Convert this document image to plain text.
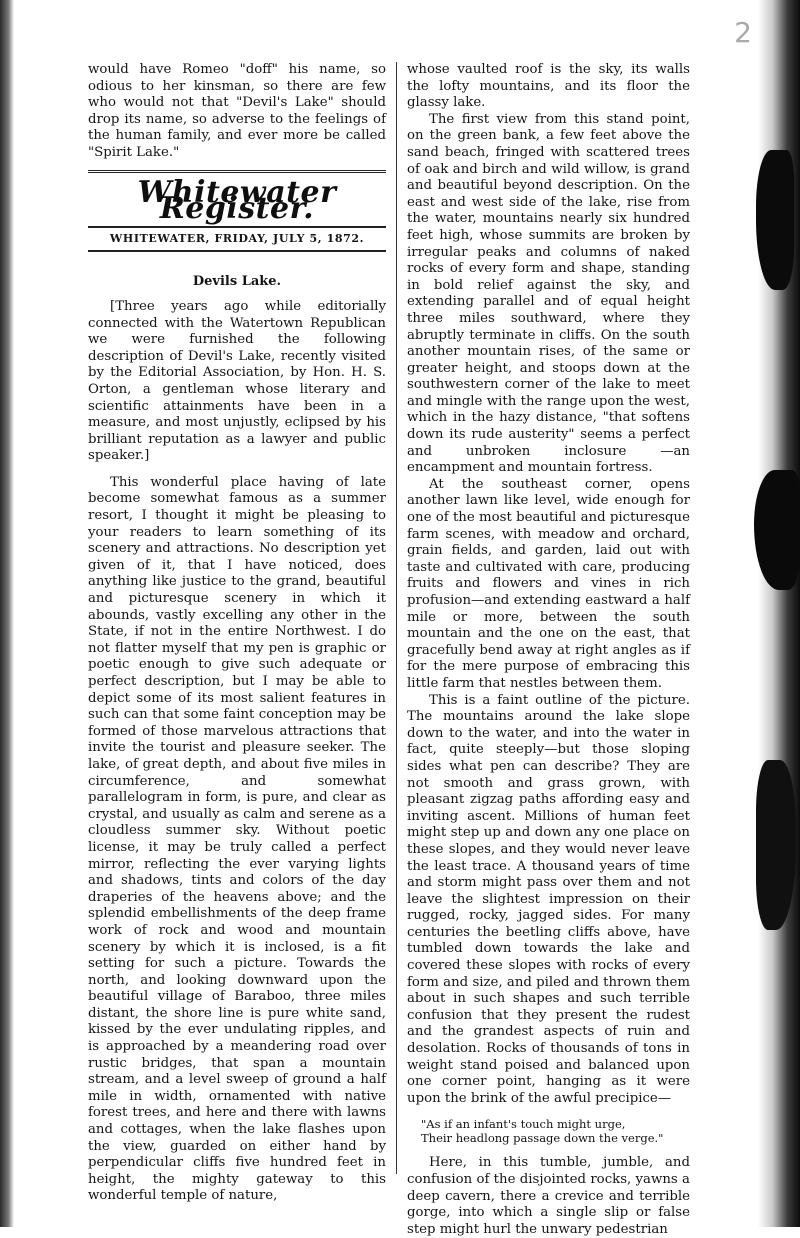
2

would have Romeo "doff" his name, so odious to her kinsman, so there are few who would not that "Devil's Lake" should drop its name, so adverse to the feelings of the human family, and ever more be called "Spirit Lake."

Whitewater Register.
WHITEWATER, FRIDAY, JULY 5, 1872.
Devils Lake.

[Three years ago while editorially connected with the Watertown Republican we were furnished the following description of Devil's Lake, recently visited by the Editorial Association, by Hon. H. S. Orton, a gentleman whose literary and scientific attainments have been in a measure, and most unjustly, eclipsed by his brilliant reputation as a lawyer and public speaker.]

This wonderful place having of late become somewhat famous as a summer resort, I thought it might be pleasing to your readers to learn something of its scenery and attractions. No description yet given of it, that I have noticed, does anything like justice to the grand, beautiful and picturesque scenery in which it abounds, vastly excelling any other in the State, if not in the entire Northwest. I do not flatter myself that my pen is graphic or poetic enough to give such adequate or perfect description, but I may be able to depict some of its most salient features in such can that some faint conception may be formed of those marvelous attractions that invite the tourist and pleasure seeker. The lake, of great depth, and about five miles in circumference, and somewhat parallelogram in form, is pure, and clear as crystal, and usually as calm and serene as a cloudless summer sky. Without poetic license, it may be truly called a perfect mirror, reflecting the ever varying lights and shadows, tints and colors of the day draperies of the heavens above; and the splendid embellishments of the deep frame work of rock and wood and mountain scenery by which it is inclosed, is a fit setting for such a picture. Towards the north, and looking downward upon the beautiful village of Baraboo, three miles distant, the shore line is pure white sand, kissed by the ever undulating ripples, and is approached by a meandering road over rustic bridges, that span a mountain stream, and a level sweep of ground a half mile in width, ornamented with native forest trees, and here and there with lawns and cottages, when the lake flashes upon the view, guarded on either hand by perpendicular cliffs five hundred feet in height, the mighty gateway to this wonderful temple of nature,

whose vaulted roof is the sky, its walls the lofty mountains, and its floor the glassy lake.

The first view from this stand point, on the green bank, a few feet above the sand beach, fringed with scattered trees of oak and birch and wild willow, is grand and beautiful beyond description. On the east and west side of the lake, rise from the water, mountains nearly six hundred feet high, whose summits are broken by irregular peaks and columns of naked rocks of every form and shape, standing in bold relief against the sky, and extending parallel and of equal height three miles southward, where they abruptly terminate in cliffs. On the south another mountain rises, of the same or greater height, and stoops down at the southwestern corner of the lake to meet and mingle with the range upon the west, which in the hazy distance, "that softens down its rude austerity" seems a perfect and unbroken inclosure —an encampment and mountain fortress.

At the southeast corner, opens another lawn like level, wide enough for one of the most beautiful and picturesque farm scenes, with meadow and orchard, grain fields, and garden, laid out with taste and cultivated with care, producing fruits and flowers and vines in rich profusion—and extending eastward a half mile or more, between the south mountain and the one on the east, that gracefully bend away at right angles as if for the mere purpose of embracing this little farm that nestles between them.

This is a faint outline of the picture. The mountains around the lake slope down to the water, and into the water in fact, quite steeply—but those sloping sides what pen can describe? They are not smooth and grass grown, with pleasant zigzag paths affording easy and inviting ascent. Millions of human feet might step up and down any one place on these slopes, and they would never leave the least trace. A thousand years of time and storm might pass over them and not leave the slightest impression on their rugged, rocky, jagged sides. For many centuries the beetling cliffs above, have tumbled down towards the lake and covered these slopes with rocks of every form and size, and piled and thrown them about in such shapes and such terrible confusion that they present the rudest and the grandest aspects of ruin and desolation. Rocks of thousands of tons in weight stand poised and balanced upon one corner point, hanging as it were upon the brink of the awful precipice—

"As if an infant's touch might urge,
Their headlong passage down the verge."

Here, in this tumble, jumble, and confusion of the disjointed rocks, yawns a deep cavern, there a crevice and terrible gorge, into which a single slip or false step might hurl the unwary pedestrian
